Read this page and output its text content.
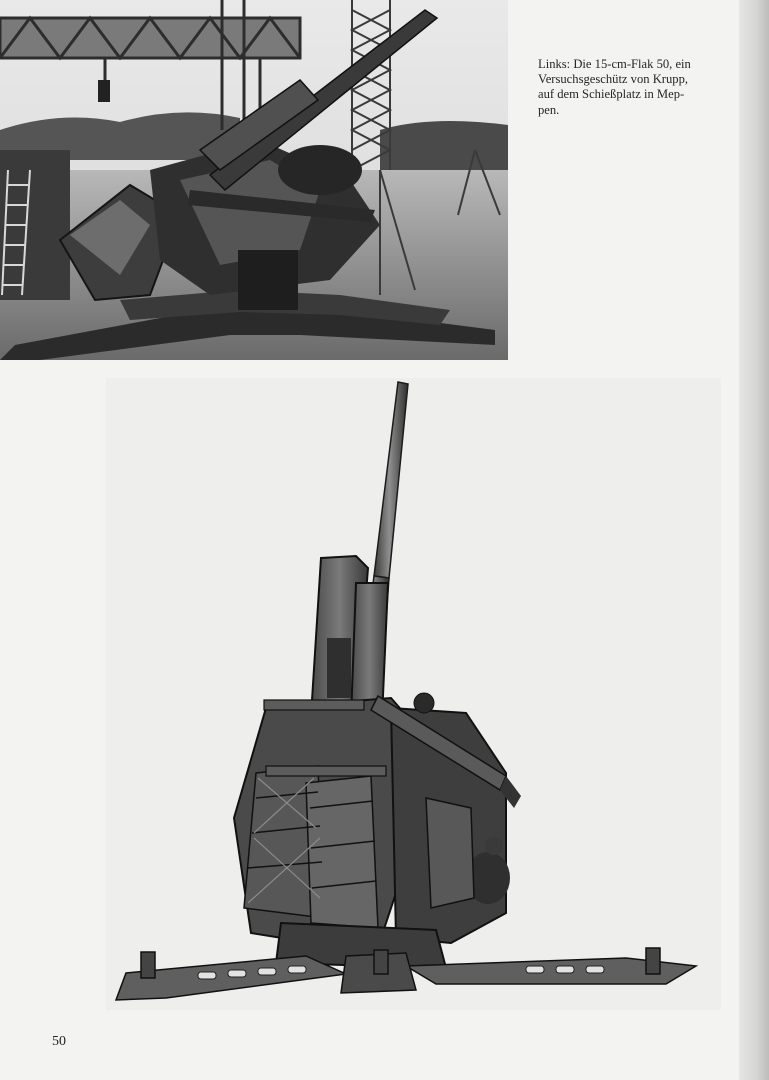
Links: Die 15-cm-Flak 50, ein
Versuchsgeschütz von Krupp,
auf dem Schießplatz in Mep-
pen.
50
